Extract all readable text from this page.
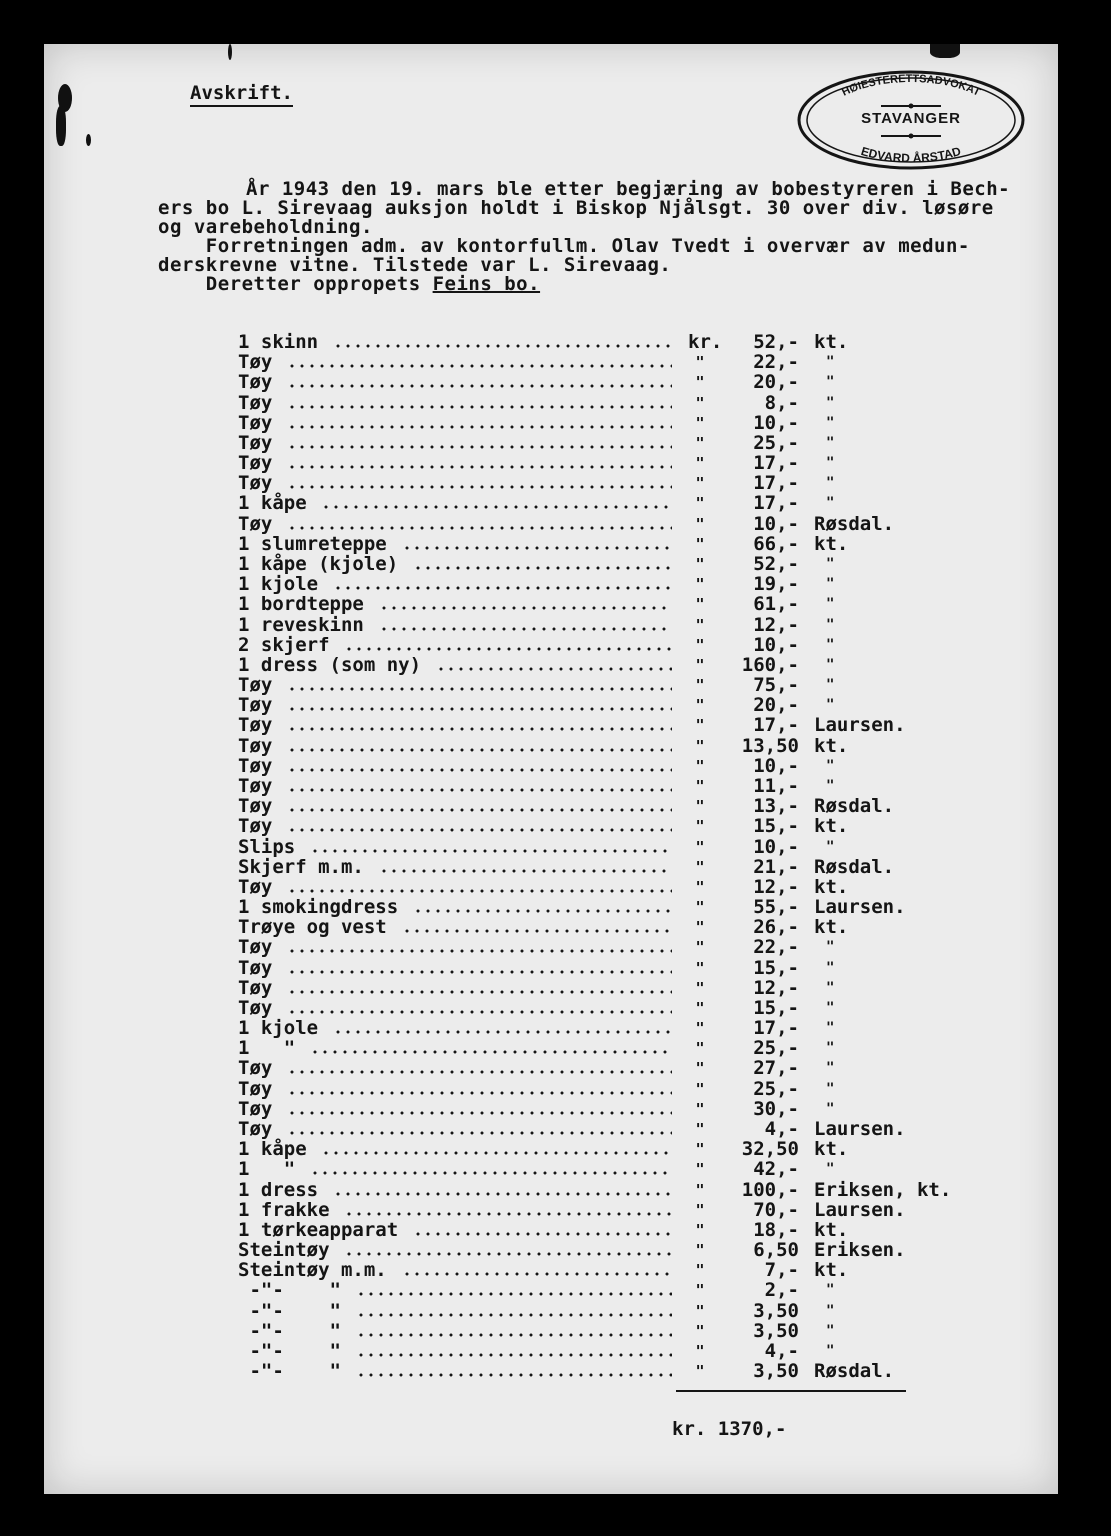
Avskrift.	HØIESTERETTSADVOKAT
EDVARD ÅRSTAD
STAVANGER
År 1943 den 19. mars ble etter begjæring av bobestyreren i Bech-
ers bo L. Sirevaag auksjon holdt i Biskop Njålsgt. 30 over div. løsøre
og varebeholdning.
Forretningen adm. av kontorfullm. Olav Tvedt i overvær av medun-
derskrevne vitne. Tilstede var L. Sirevaag.
Deretter oppropets Feins bo.
1 skinn	kr. 52,- kt.
Tøy	"	22,- "
Tøy	"	20,- "
Tøy	"	8,- "
Tøy	"	10,- "
Tøy	"	25,- "
Tøy	"	17,- "
Tøy	"	17,- "
1 kåpe	"	17,- "
Tøy	"	10,- Røsdal.
1 slumreteppe	"	66,- kt.
1 kåpe (kjole)	"	52,- "
1 kjole	"	19,- "
1 bordteppe	"	61,- "
1 reveskinn	"	12,- "
2 skjerf	"	10,- "
1 dress (som ny)	"	160,- "
Tøy	"	75,- "
Tøy	"	20,- "
Tøy	"	17,- Laursen.
Tøy	"	13,50 kt.
Tøy	"	10,- "
Tøy	"	11,- "
Tøy	"	13,- Røsdal.
Tøy	"	15,- kt.
Slips	"	10,- "
Skjerf m.m.	"	21,- Røsdal.
Tøy	"	12,- kt.
1 smokingdress	"	55,- Laursen.
Trøye og vest	"	26,- kt.
Tøy	"	22,- "
Tøy	"	15,- "
Tøy	"	12,- "
Tøy	"	15,- "
1 kjole	"	17,- "
1   "	"	25,- "
Tøy	"	27,- "
Tøy	"	25,- "
Tøy	"	30,- "
Tøy	"	4,- Laursen.
1 kåpe	"	32,50 kt.
1   "	"	42,- "
1 dress	"	100,- Eriksen, kt.
1 frakke	"	70,- Laursen.
1 tørkeapparat	"	18,- kt.
Steintøy	"	6,50 Eriksen.
Steintøy m.m.	"	7,- kt.
-"-    "	"	2,- "
-"-    "	"	3,50 "
-"-    "	"	3,50 "
-"-    "	"	4,- "
-"-    "	"	3,50 Røsdal.
kr. 1370,-
